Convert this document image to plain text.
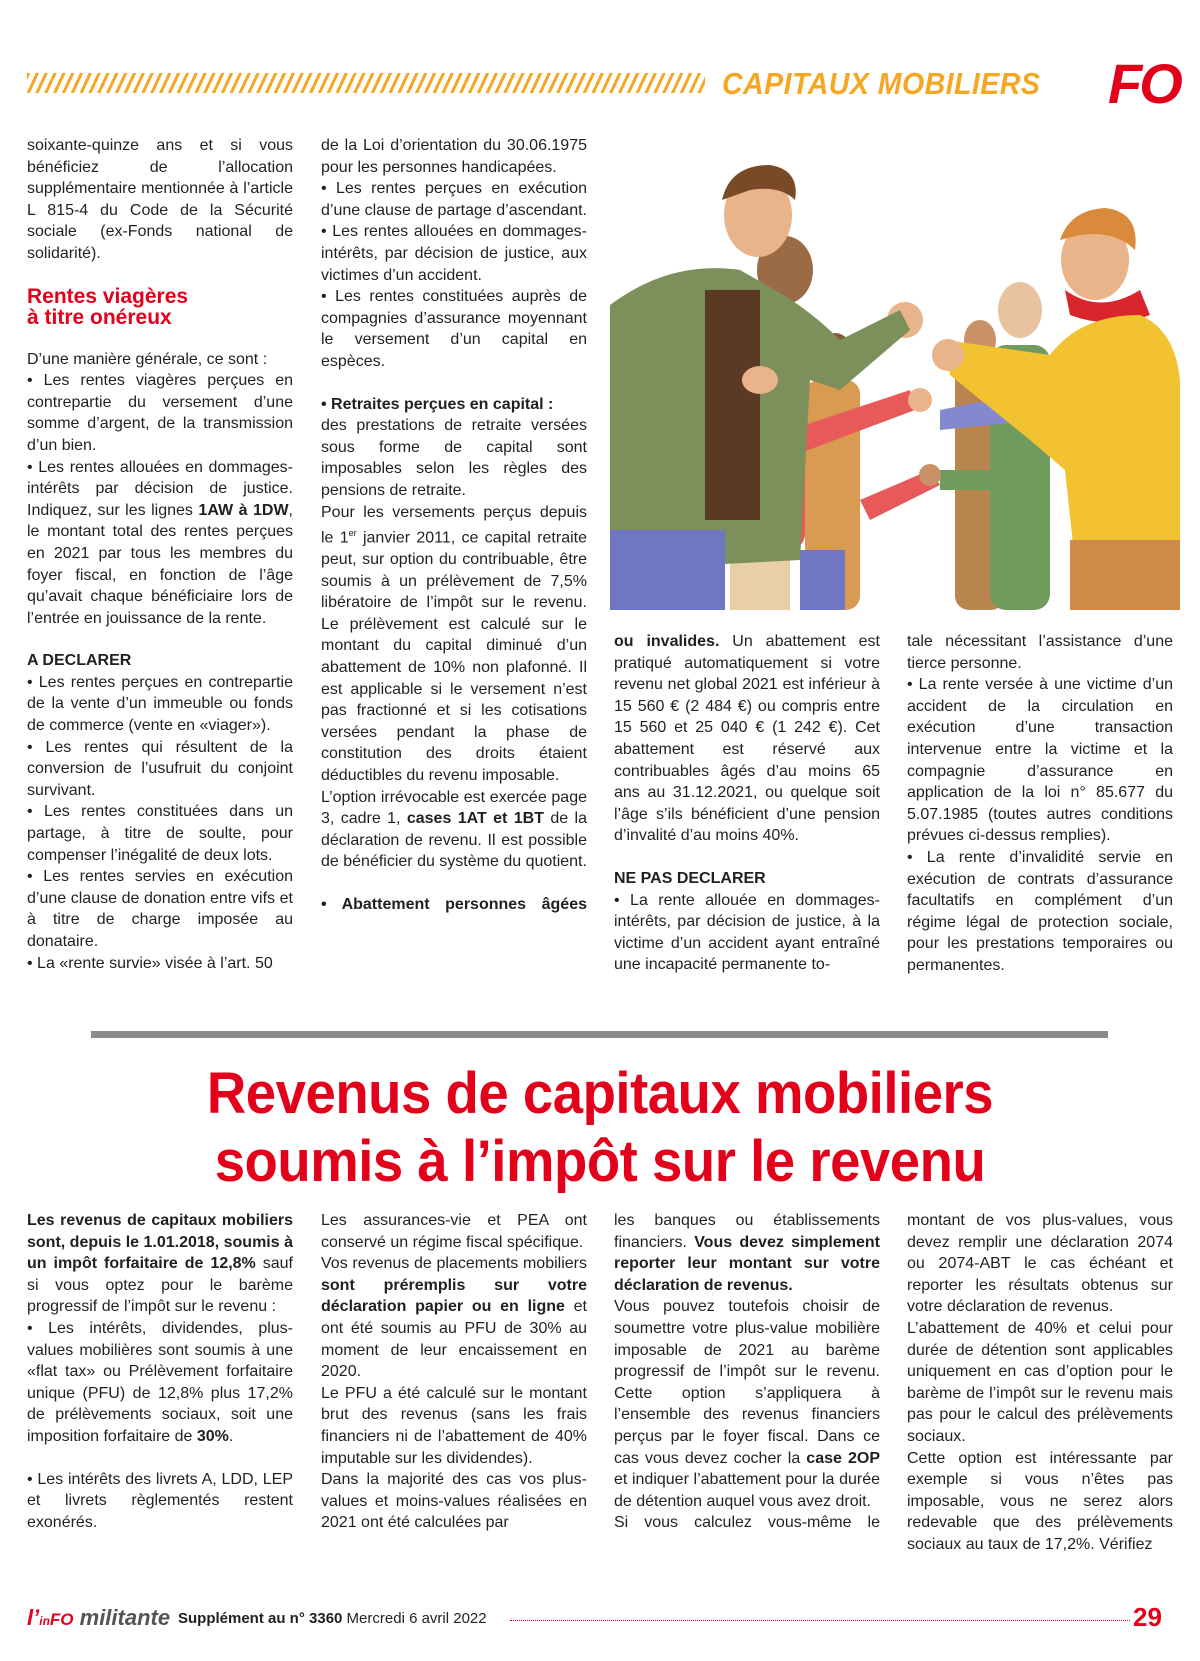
CAPITAUX MOBILIERS FO

soixante-quinze ans et si vous bénéficiez de l’allocation supplémentaire mentionnée à l’article L 815-4 du Code de la Sécurité sociale (ex-Fonds national de solidarité).

Rentes viagères
à titre onéreux

D’une manière générale, ce sont :

• Les rentes viagères perçues en contrepartie du versement d’une somme d’argent, de la transmission d’un bien.

• Les rentes allouées en dommages-intérêts par décision de justice. Indiquez, sur les lignes 1AW à 1DW, le montant total des rentes perçues en 2021 par tous les membres du foyer fiscal, en fonction de l’âge qu’avait chaque bénéficiaire lors de l’entrée en jouissance de la rente.

A DECLARER

• Les rentes perçues en contrepartie de la vente d’un immeuble ou fonds de commerce (vente en «viager»).

• Les rentes qui résultent de la conversion de l’usufruit du conjoint survivant.

• Les rentes constituées dans un partage, à titre de soulte, pour compenser l’inégalité de deux lots.

• Les rentes servies en exécution d’une clause de donation entre vifs et à titre de charge imposée au donataire.

• La «rente survie» visée à l’art. 50

de la Loi d’orientation du 30.06.1975 pour les personnes handicapées.

• Les rentes perçues en exécution d’une clause de partage d’ascendant.

• Les rentes allouées en dommages-intérêts, par décision de justice, aux victimes d’un accident.

• Les rentes constituées auprès de compagnies d’assurance moyennant le versement d’un capital en espèces.

• Retraites perçues en capital :

des prestations de retraite versées sous forme de capital sont imposables selon les règles des pensions de retraite.

Pour les versements perçus depuis le 1er janvier 2011, ce capital retraite peut, sur option du contribuable, être soumis à un prélèvement de 7,5% libératoire de l’impôt sur le revenu. Le prélèvement est calculé sur le montant du capital diminué d’un abattement de 10% non plafonné. Il est applicable si le versement n’est pas fractionné et si les cotisations versées pendant la phase de constitution des droits étaient déductibles du revenu imposable.

L’option irrévocable est exercée page 3, cadre 1, cases 1AT et 1BT de la déclaration de revenu. Il est possible de bénéficier du système du quotient.

• Abattement personnes âgées

ou invalides. Un abattement est pratiqué automatiquement si votre revenu net global 2021 est inférieur à 15 560 € (2 484 €) ou compris entre 15 560 et 25 040 € (1 242 €). Cet abattement est réservé aux contribuables âgés d’au moins 65 ans au 31.12.2021, ou quelque soit l’âge s’ils bénéficient d’une pension d’invalité d’au moins 40%.

NE PAS DECLARER

• La rente allouée en dommages-intérêts, par décision de justice, à la victime d’un accident ayant entraîné une incapacité permanente to-

tale nécessitant l’assistance d’une tierce personne.

• La rente versée à une victime d’un accident de la circulation en exécution d’une transaction intervenue entre la victime et la compagnie d’assurance en application de la loi n° 85.677 du 5.07.1985 (toutes autres conditions prévues ci-dessus remplies).

• La rente d’invalidité servie en exécution de contrats d’assurance facultatifs en complément d’un régime légal de protection sociale, pour les prestations temporaires ou permanentes.

Revenus de capitaux mobiliers
soumis à l’impôt sur le revenu

Les revenus de capitaux mobiliers sont, depuis le 1.01.2018, soumis à un impôt forfaitaire de 12,8% sauf si vous optez pour le barème progressif de l’impôt sur le revenu :

• Les intérêts, dividendes, plus-values mobilières sont soumis à une «flat tax» ou Prélèvement forfaitaire unique (PFU) de 12,8% plus 17,2% de prélèvements sociaux, soit une imposition forfaitaire de 30%.

• Les intérêts des livrets A, LDD, LEP et livrets règlementés restent exonérés.

Les assurances-vie et PEA ont conservé un régime fiscal spécifique.

Vos revenus de placements mobiliers sont préremplis sur votre déclaration papier ou en ligne et ont été soumis au PFU de 30% au moment de leur encaissement en 2020.

Le PFU a été calculé sur le montant brut des revenus (sans les frais financiers ni de l’abattement de 40% imputable sur les dividendes).

Dans la majorité des cas vos plus-values et moins-values réalisées en 2021 ont été calculées par

les banques ou établissements financiers. Vous devez simplement reporter leur montant sur votre déclaration de revenus.

Vous pouvez toutefois choisir de soumettre votre plus-value mobilière imposable de 2021 au barème progressif de l’impôt sur le revenu. Cette option s’appliquera à l’ensemble des revenus financiers perçus par le foyer fiscal. Dans ce cas vous devez cocher la case 2OP et indiquer l’abattement pour la durée de détention auquel vous avez droit.

Si vous calculez vous-même le

montant de vos plus-values, vous devez remplir une déclaration 2074 ou 2074-ABT le cas échéant et reporter les résultats obtenus sur votre déclaration de revenus.

L’abattement de 40% et celui pour durée de détention sont applicables uniquement en cas d’option pour le barème de l’impôt sur le revenu mais pas pour le calcul des prélèvements sociaux.

Cette option est intéressante par exemple si vous n’êtes pas imposable, vous ne serez alors redevable que des prélèvements sociaux au taux de 17,2%. Vérifiez

l’inFO militante Supplément au n° 3360 Mercredi 6 avril 2022	29
